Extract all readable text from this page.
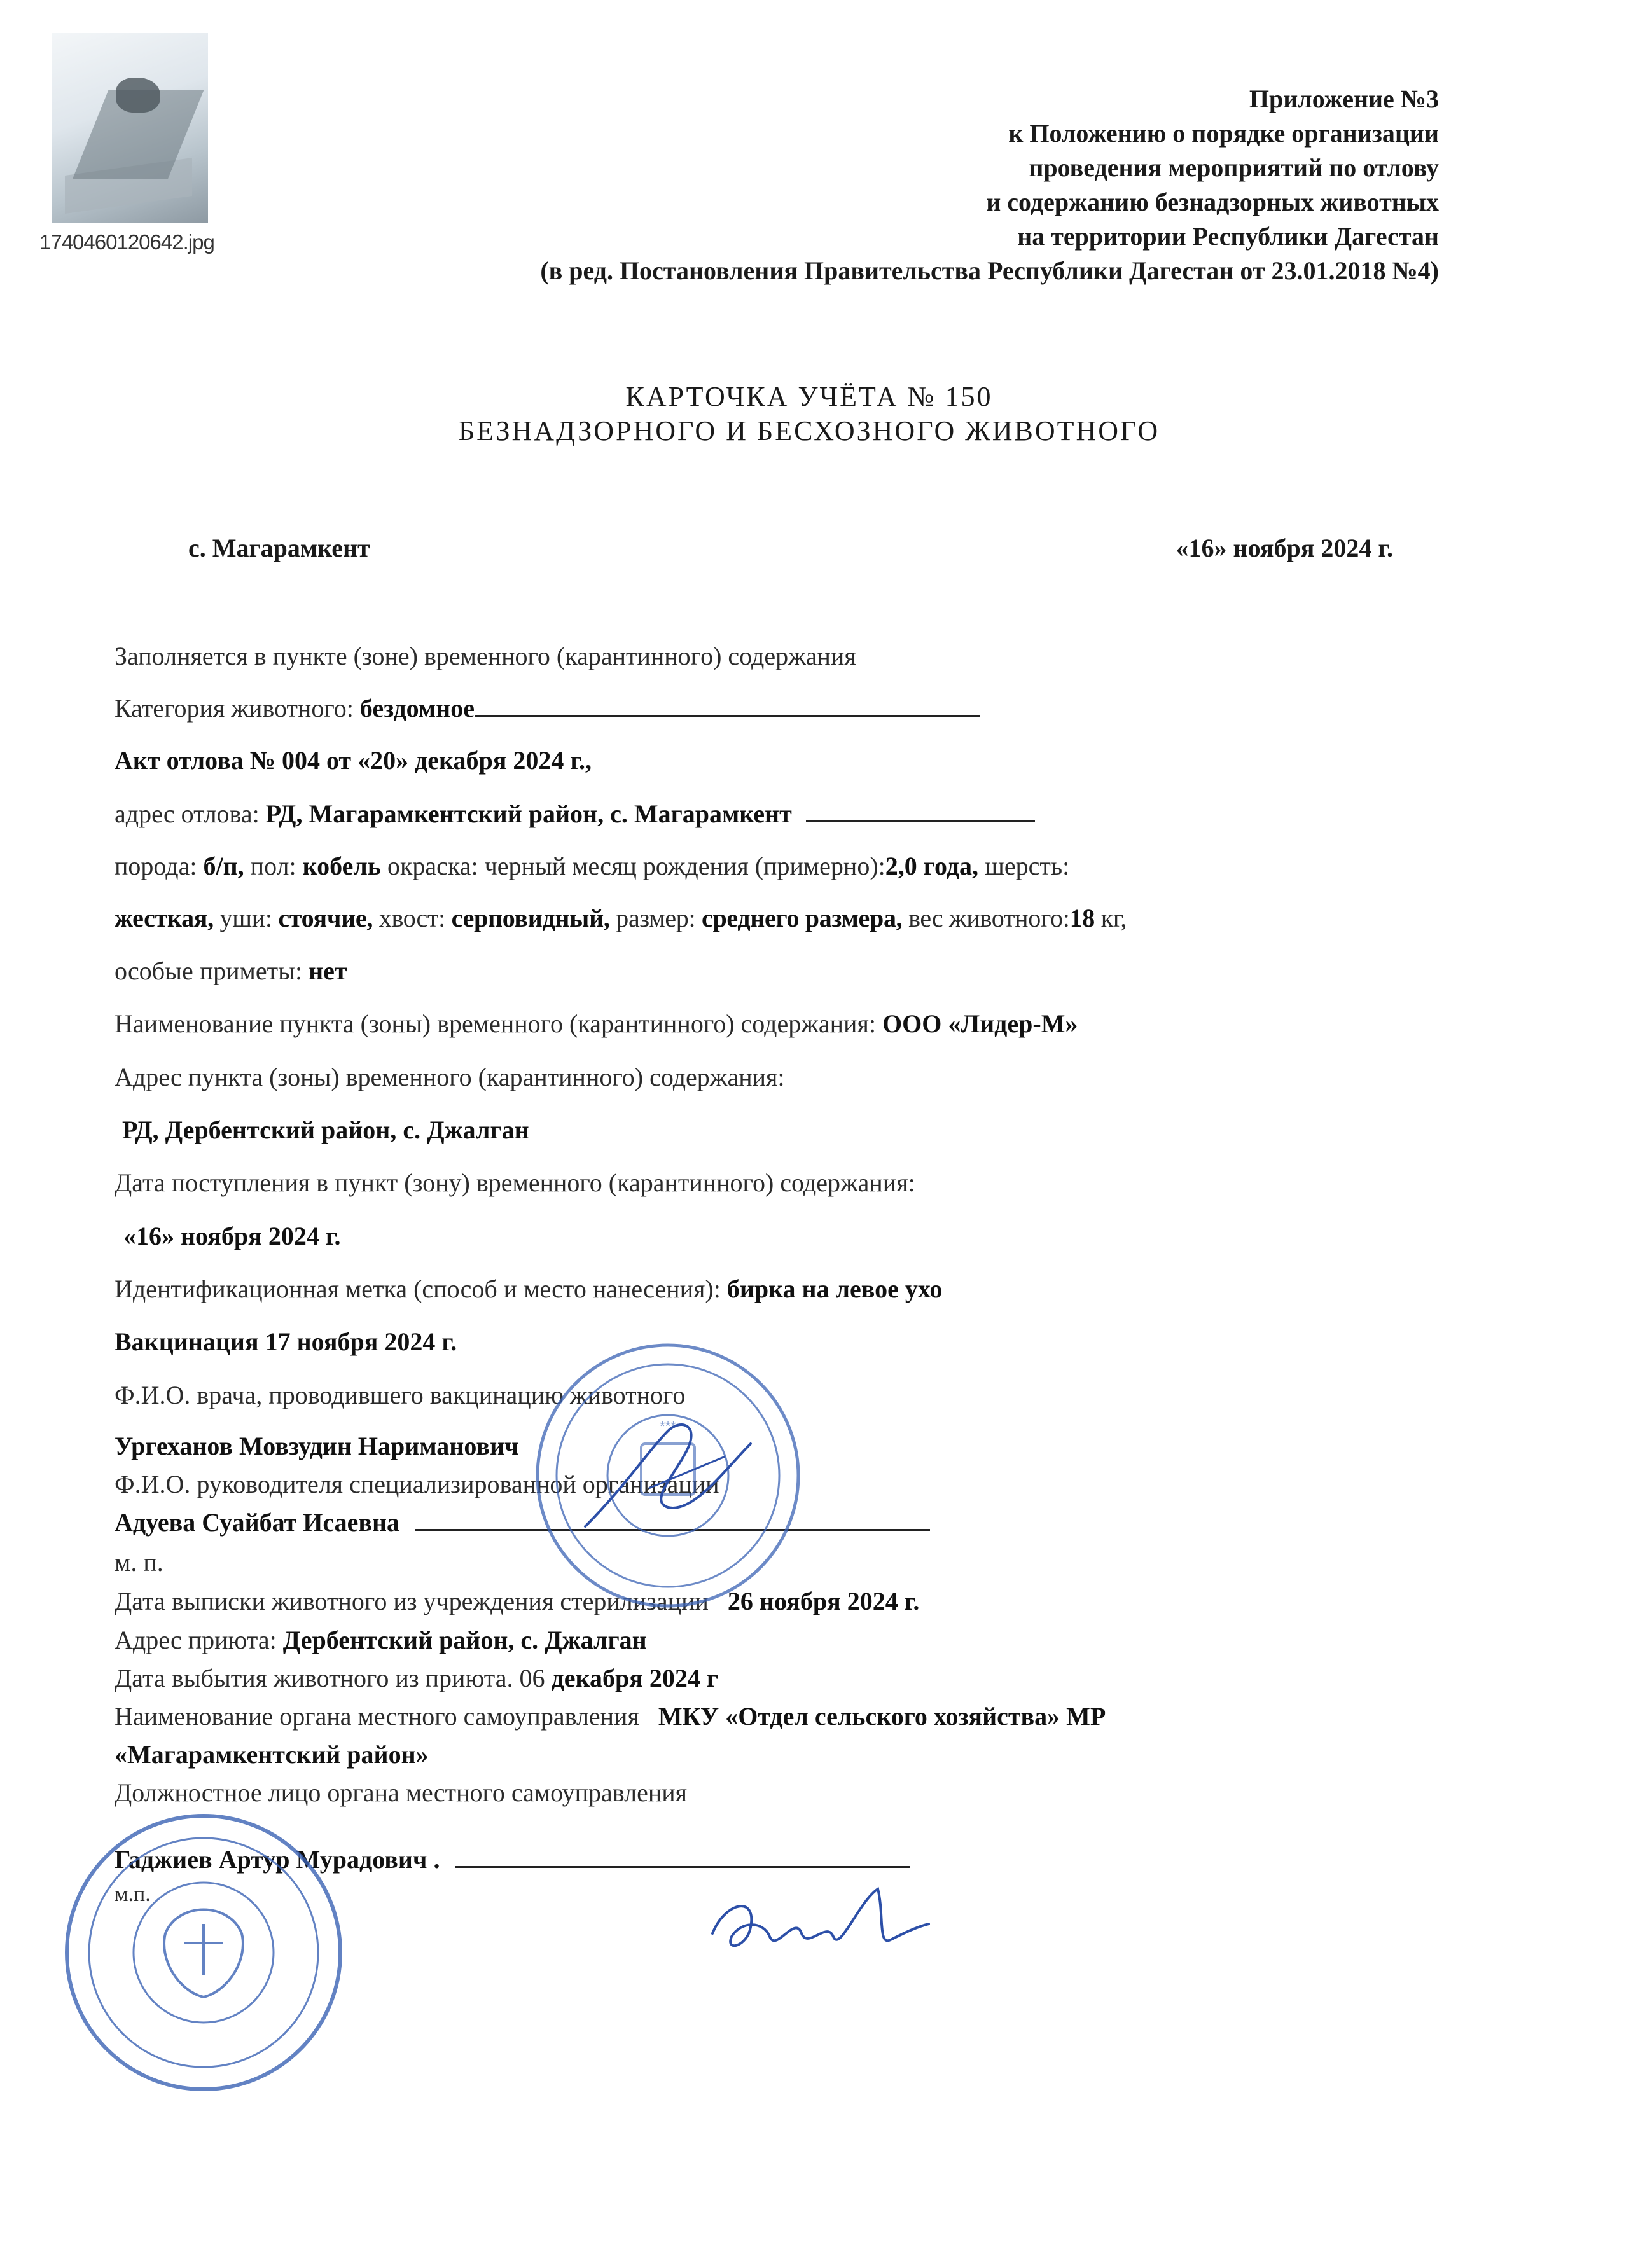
1740460120642.jpg
Приложение №3
к Положению о порядке организации
проведения мероприятий по отлову
и содержанию безнадзорных животных
на территории Республики Дагестан
(в ред. Постановления Правительства Республики Дагестан от 23.01.2018 №4)
КАРТОЧКА УЧЁТА № 150
БЕЗНАДЗОРНОГО И БЕСХОЗНОГО ЖИВОТНОГО
с. Магарамкент	«16» ноября 2024 г.
Заполняется в пункте (зоне) временного (карантинного) содержания
Категория животного: бездомное
Акт отлова № 004 от «20» декабря 2024 г.,
адрес отлова: РД, Магарамкентский район, с. Магарамкент
порода: б/п, пол: кобель окраска: черный месяц рождения (примерно):2,0 года, шерсть:
жесткая, уши: стоячие, хвост: серповидный, размер: среднего размера, вес животного:18 кг,
особые приметы: нет
Наименование пункта (зоны) временного (карантинного) содержания: ООО «Лидер-М»
Адрес пункта (зоны) временного (карантинного) содержания:
РД, Дербентский район, с. Джалган
Дата поступления в пункт (зону) временного (карантинного) содержания:
«16» ноября 2024 г.
Идентификационная метка (способ и место нанесения): бирка на левое ухо
Вакцинация 17 ноября 2024 г.
Ф.И.О. врача, проводившего вакцинацию животного
Ургеханов Мовзудин Нариманович
Ф.И.О. руководителя специализированной организации
Адуева Суайбат Исаевна
м. п.
Дата выписки животного из учреждения стерилизации 26 ноября 2024 г.
Адрес приюта: Дербентский район, с. Джалган
Дата выбытия животного из приюта. 06 декабря 2024 г
Наименование органа местного самоуправления МКУ «Отдел сельского хозяйства» МР
«Магарамкентский район»
Должностное лицо органа местного самоуправления
Гаджиев Артур Мурадович .
м.п.
***
